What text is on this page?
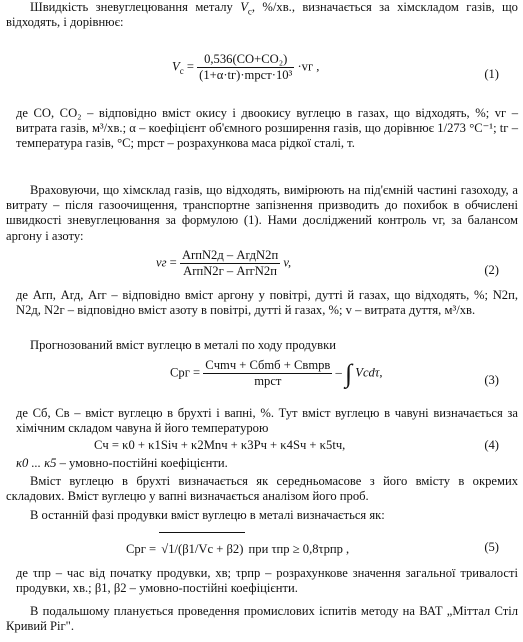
Швидкість зневуглецювання металу $V_c$, %/хв., визначається за хімскладом газів, що відходять, і дорівнює:

$V_c = \frac{\text{0,536(CO+CO₂)}}{\text{(1+α·tг)·mрст·10³}} \cdot vг$ ,
(1)

де CO, CO₂ – відповідно вміст окису і двоокису вуглецю в газах, що відходять, %; vг – витрата газів, м³/хв.; α – коефіцієнт об'ємного розширення газів, що дорівнює 1/273 °C⁻¹; tг – температура газів, °C; mрст – розрахункова маса рідкої сталі, т.

Враховуючи, що хімсклад газів, що відходять, вимірюють на під'ємній частині газоходу, а витрату – після газоочищення, транспортне запізнення призводить до похибок в обчислені швидкості зневуглецювання за формулою (1). Нами досліджений контроль vг, за балансом аргону і азоту:

vг = $\frac{\text{ArпN2д – ArдN2п}}{\text{ArпN2г – ArгN2п}} v$,
(2)

де Arп, Arд, Arг – відповідно вміст аргону у повітрі, дутті й газах, що відходять, %; N2п, N2д, N2г – відповідно вміст азоту в повітрі, дутті й газах, %; v – витрата дуття, м³/хв.

Прогнозований вміст вуглецю в металі по ходу продувки

Cрг = $\frac{\text{Cчmч + Cбmб + Cвmрв}}{\text{mрст}}$ – ∫ Vcdτ,
(3)

де Cб, Cв – вміст вуглецю в брухті і вапні, %. Тут вміст вуглецю в чавуні визначається за хімічним складом чавуна й його температурою

Cч = κ0 + κ1Siч + κ2Mnч + κ3Pч + κ4Sч + κ5tч,	(4)

κ0 ... κ5 – умовно-постійні коефіцієнти.

Вміст вуглецю в брухті визначається як середньомасове з його вмісту в окремих складових. Вміст вуглецю у вапні визначається аналізом його проб.

В останній фазі продувки вміст вуглецю в металі визначається як:

Cрг = √1/(β1/Vc + β2) при τпр ≥ 0,8τрпр ,	(5)

де τпр – час від початку продувки, хв; τрпр – розрахункове значення загальної тривалості продувки, хв.; β1, β2 – умовно-постійні коефіцієнти.

В подальшому планується проведення промислових іспитів методу на ВАТ „Міттал Стіл Кривий Ріг".
